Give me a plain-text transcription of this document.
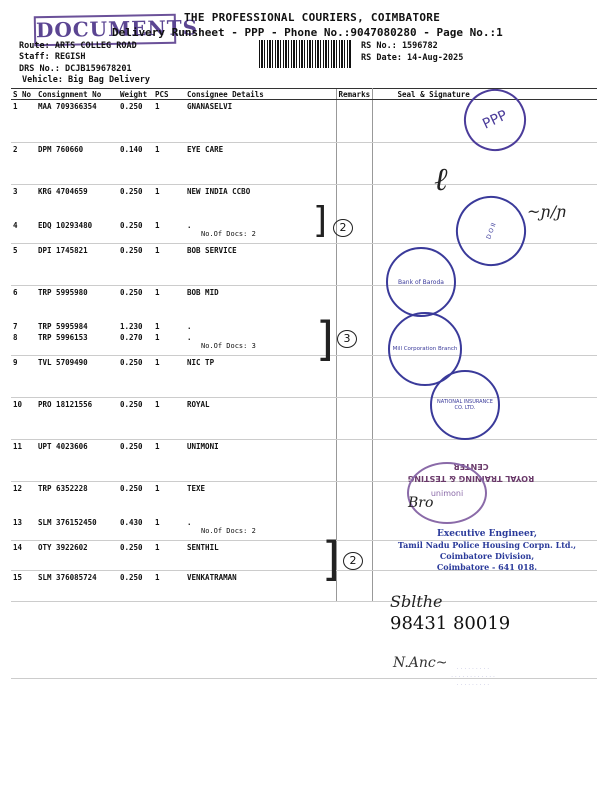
DOCUMENTS
THE PROFESSIONAL COURIERS, COIMBATORE
Delivery Runsheet - PPP - Phone No.:9047080280 - Page No.:1
Route: ARTS COLLEG ROAD
Staff: REGISH
DRS No.: DCJB159678201
Vehicle: Big Bag Delivery
RS No.: 1596782
RS Date: 14-Aug-2025
S No	Consignment No	Weight	PCS	Consignee Details	Remarks	Seal & Signature
1	MAA 709366354	0.250	1	GNANASELVI		
2	DPM 760660	0.140	1	EYE CARE		
3	KRG 4704659	0.250	1	NEW INDIA CCBO		
4	EDQ 10293480	0.250	1	.
No.Of Docs: 2		

5	DPI 1745821	0.250	1	BOB SERVICE		
6	TRP 5995980	0.250	1	BOB MID		
7	TRP 5995984	1.230	1	.		
8	TRP 5996153	0.270	1	.
No.Of Docs: 3		

9	TVL 5709490	0.250	1	NIC TP		
10	PRO 18121556	0.250	1	ROYAL		
11	UPT 4023606	0.250	1	UNIMONI		
12	TRP 6352228	0.250	1	TEXE		
13	SLM 376152450	0.430	1	.
No.Of Docs: 2		

14	OTY 3922602	0.250	1	SENTHIL		
15	SLM 376085724	0.250	1	VENKATRAMAN		
]	2
] 3
] 2
PPP
ℓ
D O II
~ɲ/ɲ
Bank of Baroda
Mill Corporation Branch
NATIONAL INSURANCE CO. LTD.
ROYAL TRAINING & TESTING CENTER
unimoni
Bro
Executive Engineer,
Tamil Nadu Police Housing Corpn. Ltd.,
Coimbatore Division,
Coimbatore - 641 018.
Sblthe
98431 80019
N.Anc~	· · · · · · · · ·
· · · · · · · · · · · ·
· · · · · · · · ·
